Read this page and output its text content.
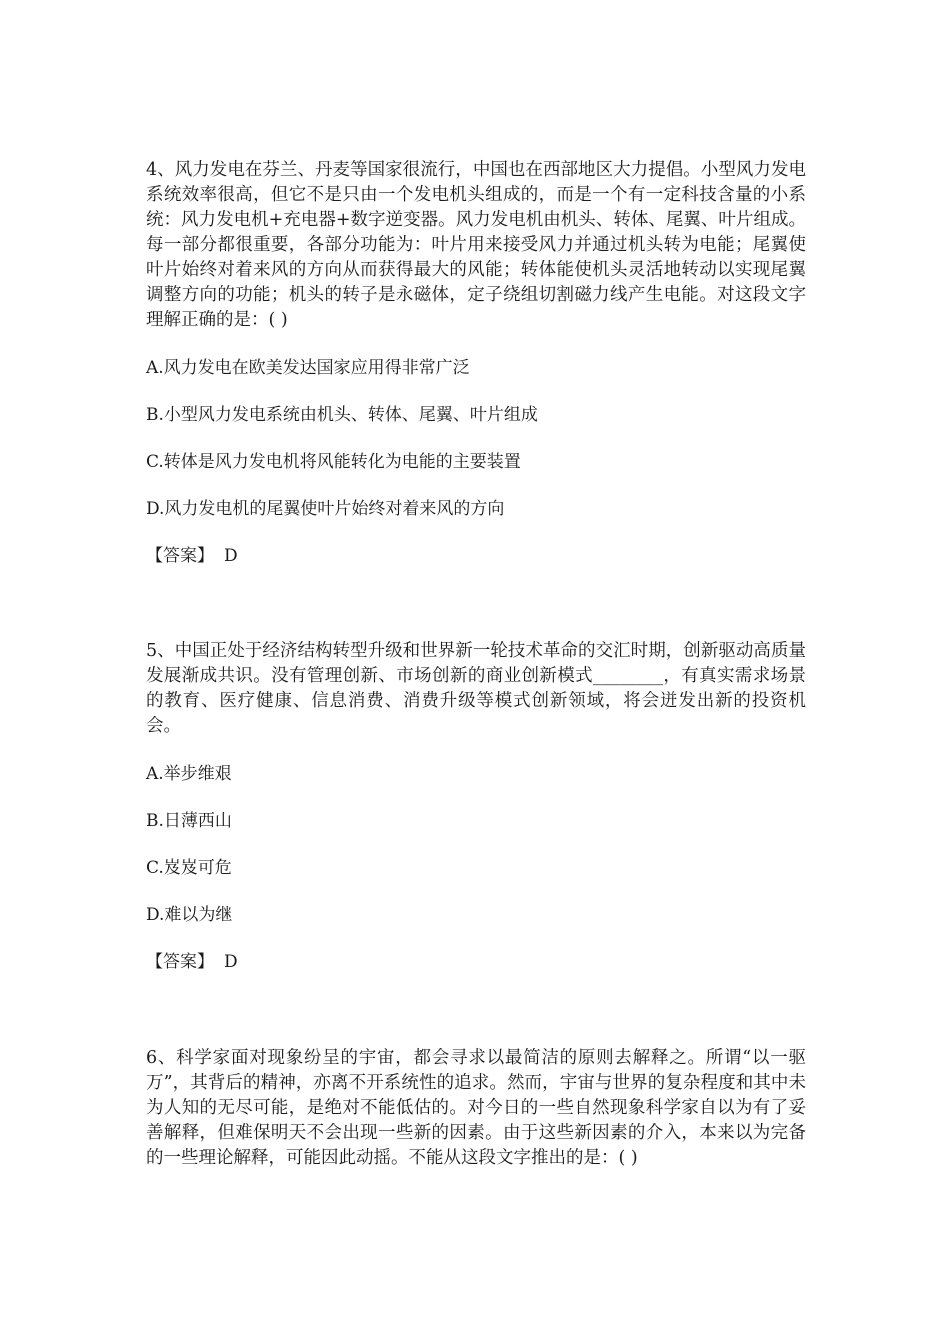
4、风力发电在芬兰、丹麦等国家很流行，中国也在西部地区大力提倡。小型风力发电系统效率很高，但它不是只由一个发电机头组成的，而是一个有一定科技含量的小系统：风力发电机+充电器+数字逆变器。风力发电机由机头、转体、尾翼、叶片组成。每一部分都很重要，各部分功能为：叶片用来接受风力并通过机头转为电能；尾翼使叶片始终对着来风的方向从而获得最大的风能；转体能使机头灵活地转动以实现尾翼调整方向的功能；机头的转子是永磁体，定子绕组切割磁力线产生电能。对这段文字理解正确的是：( )

A.风力发电在欧美发达国家应用得非常广泛

B.小型风力发电系统由机头、转体、尾翼、叶片组成

C.转体是风力发电机将风能转化为电能的主要装置

D.风力发电机的尾翼使叶片始终对着来风的方向

【答案】 D

5、中国正处于经济结构转型升级和世界新一轮技术革命的交汇时期，创新驱动高质量发展渐成共识。没有管理创新、市场创新的商业创新模式________，有真实需求场景的教育、医疗健康、信息消费、消费升级等模式创新领域，将会迸发出新的投资机会。

A.举步维艰

B.日薄西山

C.岌岌可危

D.难以为继

【答案】 D

6、科学家面对现象纷呈的宇宙，都会寻求以最简洁的原则去解释之。所谓“以一驱万”，其背后的精神，亦离不开系统性的追求。然而，宇宙与世界的复杂程度和其中未为人知的无尽可能，是绝对不能低估的。对今日的一些自然现象科学家自以为有了妥善解释，但难保明天不会出现一些新的因素。由于这些新因素的介入，本来以为完备的一些理论解释，可能因此动摇。不能从这段文字推出的是：( )
